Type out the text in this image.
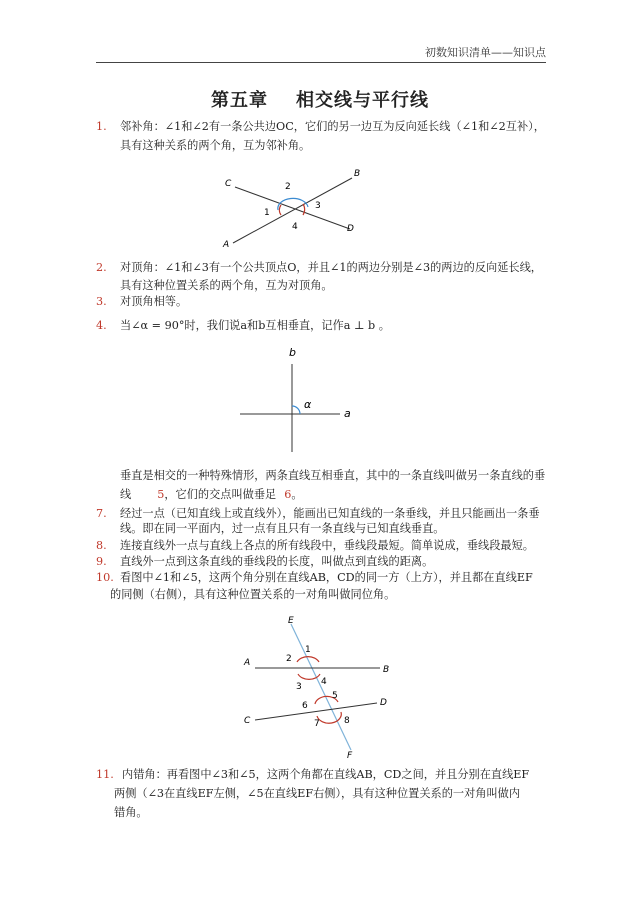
初数知识清单——知识点
第五章 相交线与平行线
1. 邻补角：∠1和∠2有一条公共边OC，它们的另一边互为反向延长线（∠1和∠2互补），
具有这种关系的两个角，互为邻补角。
C
B
A
D
1
2
3
4
2. 对顶角：∠1和∠3有一个公共顶点O，并且∠1的两边分别是∠3的两边的反向延长线，
具有这种位置关系的两个角，互为对顶角。
3. 对顶角相等。
4. 当∠α = 90°时，我们说a和b互相垂直，记作a ⊥ b 。
b
a
α
垂直是相交的一种特殊情形，两条直线互相垂直，其中的一条直线叫做另一条直线的垂
线 5，它们的交点叫做垂足 6。
7. 经过一点（已知直线上或直线外），能画出已知直线的一条垂线，并且只能画出一条垂
线。即在同一平面内，过一点有且只有一条直线与已知直线垂直。
8. 连接直线外一点与直线上各点的所有线段中，垂线段最短。简单说成，垂线段最短。
9. 直线外一点到这条直线的垂线段的长度，叫做点到直线的距离。
10. 看图中∠1和∠5，这两个角分别在直线AB，CD的同一方（上方），并且都在直线EF
的同侧（右侧），具有这种位置关系的一对角叫做同位角。
E
F
A
B
C
D
1
2
3 4
5
6
7	8
11. 内错角：再看图中∠3和∠5，这两个角都在直线AB，CD之间，并且分别在直线EF
两侧（∠3在直线EF左侧，∠5在直线EF右侧），具有这种位置关系的一对角叫做内
错角。
